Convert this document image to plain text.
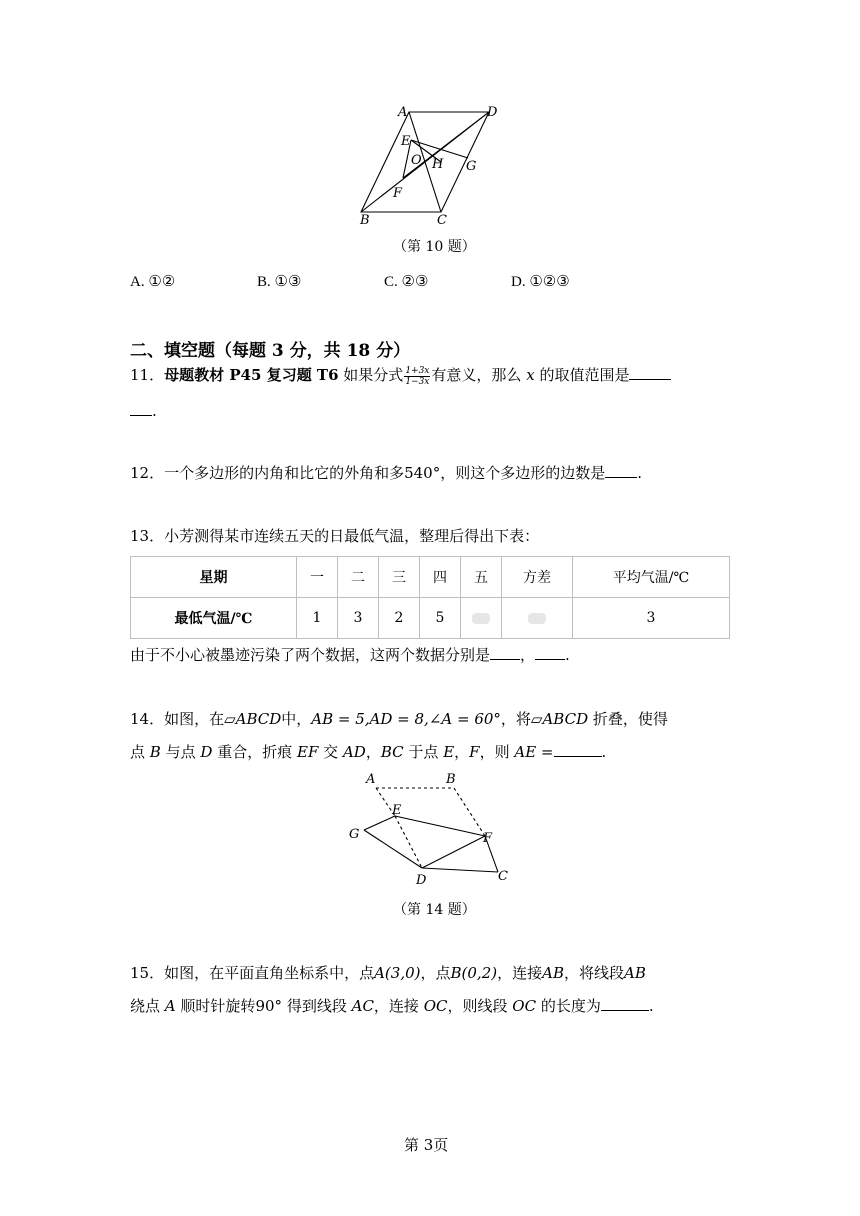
A	D
E
O H G
F
B	C
（第 10 题）
A. ①②	B. ①③	C. ②③	D. ①②③
二、填空题（每题 3 分，共 18 分）
11．母题教材 P45 复习题 T6 如果分式 $\frac{1+3x}{1-3x}$ 有意义，那么 x 的取值范围是
.
12．一个多边形的内角和比它的外角和多540°，则这个多边形的边数是 .
13．小芳测得某市连续五天的日最低气温，整理后得出下表：
星期	一	二	三	四	五	方差	平均气温/℃
最低气温/℃	1	3	2	5			3
由于不小心被墨迹污染了两个数据，这两个数据分别是 ， .
14．如图，在▱ABCD中，AB = 5,AD = 8,∠A = 60°，将▱ABCD 折叠，使得
点 B 与点 D 重合，折痕 EF 交 AD，BC 于点 E，F，则 AE =	.
A	B
E
G	F
D	C
（第 14 题）
15．如图，在平面直角坐标系中，点A(3,0)，点B(0,2)，连接AB，将线段AB
绕点 A 顺时针旋转90° 得到线段 AC，连接 OC，则线段 OC 的长度为	.
第 3页
